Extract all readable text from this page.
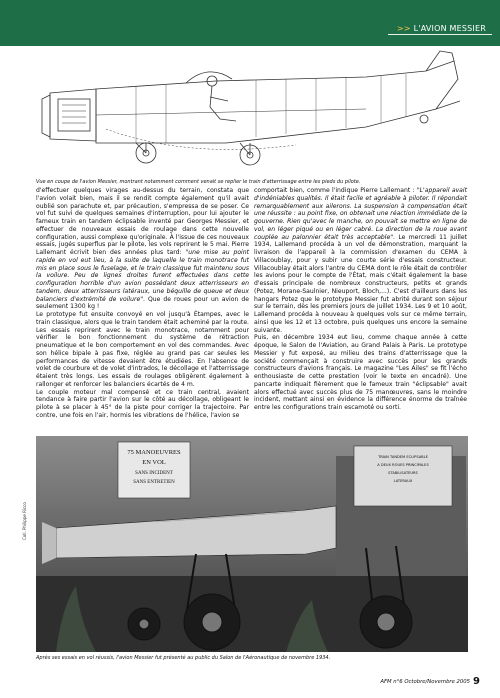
>> L'AVION MESSIER
Vue en coupe de l'avion Messier, montrant notamment comment venait se replier le train d'atterrissage entre les pieds du pilote.

d'effectuer quelques virages au-dessus du terrain, constata que l'avion volait bien, mais il se rendit compte également qu'il avait oublié son parachute et, par précaution, s'empressa de se poser. Ce vol fut suivi de quelques semaines d'interruption, pour lui ajouter le fameux train en tandem éclipsable inventé par Georges Messier, et effectuer de nouveaux essais de roulage dans cette nouvelle configuration, aussi complexe qu'originale. À l'issue de ces nouveaux essais, jugés superflus par le pilote, les vols reprirent le 5 mai. Pierre Lallemant écrivit bien des années plus tard: "une mise au point rapide en vol eut lieu, à la suite de laquelle le train monotrace fut mis en place sous le fuselage, et le train classique fut maintenu sous la voilure. Peu de lignes droites furent effectuées dans cette configuration horrible d'un avion possédant deux atterrisseurs en tandem, deux atterrisseurs latéraux, une béquille de queue et deux balanciers d'extrémité de voilure". Que de roues pour un avion de seulement 1300 kg !

Le prototype fut ensuite convoyé en vol jusqu'à Étampes, avec le train classique, alors que le train tandem était acheminé par la route. Les essais reprirent avec le train monotrace, notamment pour vérifier le bon fonctionnement du système de rétraction pneumatique et le bon comportement en vol des commandes. Avec son hélice bipale à pas fixe, réglée au grand pas car seules les performances de vitesse devaient être étudiées. En l'absence de volet de courbure et de volet d'intrados, le décollage et l'atterrissage étaient très longs. Les essais de roulages obligèrent également à rallonger et renforcer les balanciers écartés de 4 m.

Le couple moteur mal compensé et ce train central, avaient tendance à faire partir l'avion sur le côté au décollage, obligeant le pilote à se placer à 45° de la piste pour corriger la trajectoire. Par contre, une fois en l'air, hormis les vibrations de l'hélice, l'avion se

comportait bien, comme l'indique Pierre Lallemant : "L'appareil avait d'indéniables qualités. Il était facile et agréable à piloter. Il répondait remarquablement aux ailerons. La suspension à compensation était une réussite : au point fixe, on obtenait une réaction immédiate de la gouverne. Rien qu'avec le manche, on pouvait se mettre en ligne de vol, en léger piqué ou en léger cabré. La direction de la roue avant couplée au palonnier était très acceptable". Le mercredi 11 juillet 1934, Lallemand procéda à un vol de démonstration, marquant la livraison de l'appareil à la commission d'examen du CEMA à Villacoublay, pour y subir une courte série d'essais constructeur. Villacoublay était alors l'antre du CEMA dont le rôle était de contrôler les avions pour le compte de l'État, mais c'était également la base d'essais principale de nombreux constructeurs, petits et grands (Potez, Morane-Saulnier, Nieuport, Bloch,...). C'est d'ailleurs dans les hangars Potez que le prototype Messier fut abrité durant son séjour sur le terrain, dès les premiers jours de juillet 1934. Les 9 et 10 août, Lallemand procéda à nouveau à quelques vols sur ce même terrain, ainsi que les 12 et 13 octobre, puis quelques uns encore la semaine suivante.

Puis, en décembre 1934 eut lieu, comme chaque année à cette époque, le Salon de l'Aviation, au Grand Palais à Paris. Le prototype Messier y fut exposé, au milieu des trains d'atterrissage que la société commençait à construire avec succès pour les grands constructeurs d'avions français. Le magazine "Les Ailes" se fit l'écho enthousiaste de cette prestation (voir le texte en encadré). Une pancarte indiquait fièrement que le fameux train "éclipsable" avait alors effectué avec succès plus de 75 manœuvres, sans le moindre incident, mettant ainsi en évidence la différence énorme de traînée entre les configurations train escamoté ou sorti.

Coll. Philippe Ricco
75 MANOEUVRES
EN VOL
SANS INCIDENT
SANS ENTRETIEN
TRAIN TANDEM ECLIPSABLE
A DEUX ROUES PRINCIPALES
STABILISATEURS
LATERAUX
Après ses essais en vol réussis, l'avion Messier fut présenté au public du Salon de l'Aéronautique de novembre 1934.
AFM n°6 Octobre/Novembre 2005 9
